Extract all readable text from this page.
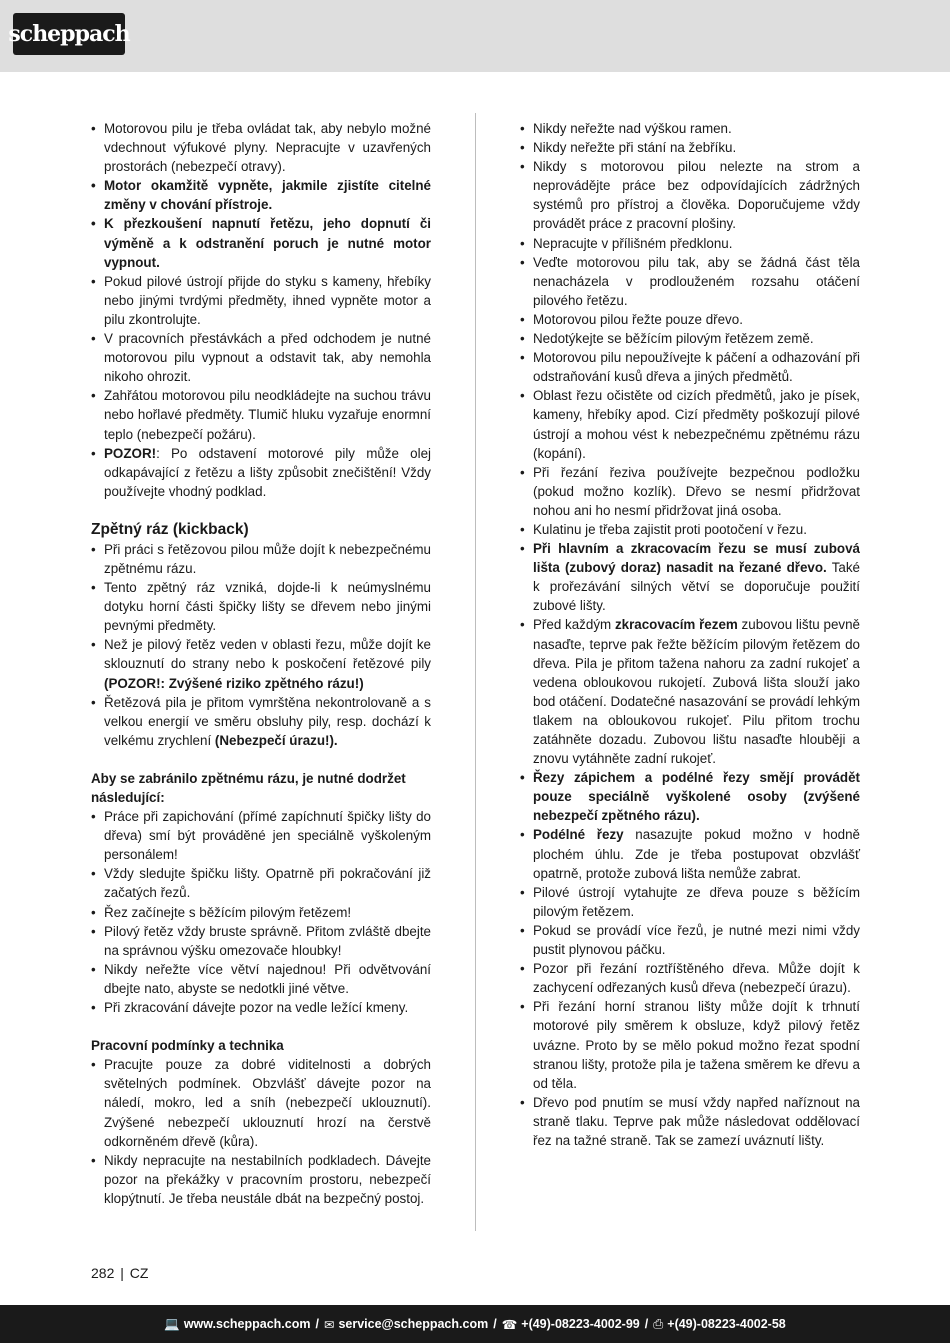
scheppach
• Motorovou pilu je třeba ovládat tak, aby nebylo možné vdechnout výfukové plyny. Nepracujte v uzavřených prostorách (nebezpečí otravy).
• Motor okamžitě vypněte, jakmile zjistíte citelné změny v chování přístroje.
• K přezkoušení napnutí řetězu, jeho dopnutí či výměně a k odstranění poruch je nutné motor vypnout.
• Pokud pilové ústrojí přijde do styku s kameny, hřebíky nebo jinými tvrdými předměty, ihned vypněte motor a pilu zkontrolujte.
• V pracovních přestávkách a před odchodem je nutné motorovou pilu vypnout a odstavit tak, aby nemohla nikoho ohrozit.
• Zahřátou motorovou pilu neodkládejte na suchou trávu nebo hořlavé předměty. Tlumič hluku vyzařuje enormní teplo (nebezpečí požáru).
• POZOR!: Po odstavení motorové pily může olej odkapávající z řetězu a lišty způsobit znečištění! Vždy používejte vhodný podklad.
Zpětný ráz (kickback)
• Při práci s řetězovou pilou může dojít k nebezpečnému zpětnému rázu.
• Tento zpětný ráz vzniká, dojde-li k neúmyslnému dotyku horní části špičky lišty se dřevem nebo jinými pevnými předměty.
• Než je pilový řetěz veden v oblasti řezu, může dojít ke sklouznutí do strany nebo k poskočení řetězové pily (POZOR!: Zvýšené riziko zpětného rázu!)
• Řetězová pila je přitom vymrštěna nekontrolovaně a s velkou energií ve směru obsluhy pily, resp. dochází k velkému zrychlení (Nebezpečí úrazu!).
Aby se zabránilo zpětnému rázu, je nutné dodržet následující:
• Práce při zapichování (přímé zapíchnutí špičky lišty do dřeva) smí být prováděné jen speciálně vyškoleným personálem!
• Vždy sledujte špičku lišty. Opatrně při pokračování již začatých řezů.
• Řez začínejte s běžícím pilovým řetězem!
• Pilový řetěz vždy bruste správně. Přitom zvláště dbejte na správnou výšku omezovače hloubky!
• Nikdy neřežte více větví najednou! Při odvětvování dbejte nato, abyste se nedotkli jiné větve.
• Při zkracování dávejte pozor na vedle ležící kmeny.
Pracovní podmínky a technika
• Pracujte pouze za dobré viditelnosti a dobrých světelných podmínek. Obzvlášť dávejte pozor na náledí, mokro, led a sníh (nebezpečí uklouznutí). Zvýšené nebezpečí uklouznutí hrozí na čerstvě odkorněném dřevě (kůra).
• Nikdy nepracujte na nestabilních podkladech. Dávejte pozor na překážky v pracovním prostoru, nebezpečí klopýtnutí. Je třeba neustále dbát na bezpečný postoj.
• Nikdy neřežte nad výškou ramen.
• Nikdy neřežte při stání na žebříku.
• Nikdy s motorovou pilou nelezte na strom a neprovádějte práce bez odpovídajících zádržných systémů pro přístroj a člověka. Doporučujeme vždy provádět práce z pracovní plošiny.
• Nepracujte v přílišném předklonu.
• Veďte motorovou pilu tak, aby se žádná část těla nenacházela v prodlouženém rozsahu otáčení pilového řetězu.
• Motorovou pilou řežte pouze dřevo.
• Nedotýkejte se běžícím pilovým řetězem země.
• Motorovou pilu nepoužívejte k páčení a odhazování při odstraňování kusů dřeva a jiných předmětů.
• Oblast řezu očistěte od cizích předmětů, jako je písek, kameny, hřebíky apod. Cizí předměty poškozují pilové ústrojí a mohou vést k nebezpečnému zpětnému rázu (kopání).
• Při řezání řeziva používejte bezpečnou podložku (pokud možno kozlík). Dřevo se nesmí přidržovat nohou ani ho nesmí přidržovat jiná osoba.
• Kulatinu je třeba zajistit proti pootočení v řezu.
• Při hlavním a zkracovacím řezu se musí zubová lišta (zubový doraz) nasadit na řezané dřevo. Také k prořezávání silných větví se doporučuje použití zubové lišty.
• Před každým zkracovacím řezem zubovou lištu pevně nasaďte, teprve pak řežte běžícím pilovým řetězem do dřeva. Pila je přitom tažena nahoru za zadní rukojeť a vedena obloukovou rukojetí. Zubová lišta slouží jako bod otáčení. Dodatečné nasazování se provádí lehkým tlakem na obloukovou rukojeť. Pilu přitom trochu zatáhněte dozadu. Zubovou lištu nasaďte hlouběji a znovu vytáhněte zadní rukojeť.
• Řezy zápichem a podélné řezy smějí provádět pouze speciálně vyškolené osoby (zvýšené nebezpečí zpětného rázu).
• Podélné řezy nasazujte pokud možno v hodně plochém úhlu. Zde je třeba postupovat obzvlášť opatrně, protože zubová lišta nemůže zabrat.
• Pilové ústrojí vytahujte ze dřeva pouze s běžícím pilovým řetězem.
• Pokud se provádí více řezů, je nutné mezi nimi vždy pustit plynovou páčku.
• Pozor při řezání roztříštěného dřeva. Může dojít k zachycení odřezaných kusů dřeva (nebezpečí úrazu).
• Při řezání horní stranou lišty může dojít k trhnutí motorové pily směrem k obsluze, když pilový řetěz uvázne. Proto by se mělo pokud možno řezat spodní stranou lišty, protože pila je tažena směrem ke dřevu a od těla.
• Dřevo pod pnutím se musí vždy napřed naříznout na straně tlaku. Teprve pak může následovat oddělovací řez na tažné straně. Tak se zamezí uváznutí lišty.
282 | CZ
💻 www.scheppach.com / ✉ service@scheppach.com / ☎ +(49)-08223-4002-99 / ⎙ +(49)-08223-4002-58
